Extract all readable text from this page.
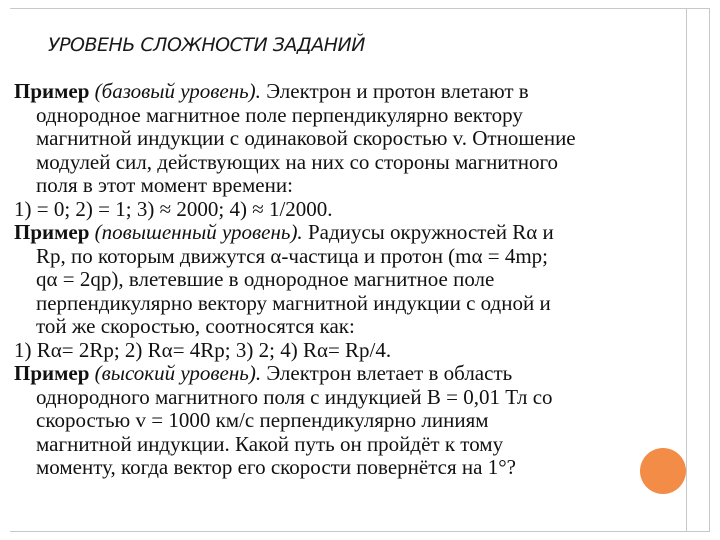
УРОВЕНЬ СЛОЖНОСТИ ЗАДАНИЙ
Пример (базовый уровень). Электрон и протон влетают в
однородное магнитное поле перпендикулярно вектору
магнитной индукции с одинаковой скоростью v. Отношение
модулей сил, действующих на них со стороны магнитного
поля в этот момент времени:
1) = 0; 2) = 1; 3) ≈ 2000; 4) ≈ 1/2000.
Пример (повышенный уровень). Радиусы окружностей Rα и
Rp, по которым движутся α-частица и протон (mα = 4mp;
qα = 2qp), влетевшие в однородное магнитное поле
перпендикулярно вектору магнитной индукции с одной и
той же скоростью, соотносятся как:
1) Rα= 2Rp; 2) Rα= 4Rp; 3) 2; 4) Rα= Rp/4.
Пример (высокий уровень). Электрон влетает в область
однородного магнитного поля с индукцией B = 0,01 Тл со
скоростью v = 1000 км/с перпендикулярно линиям
магнитной индукции. Какой путь он пройдёт к тому
моменту, когда вектор его скорости повернётся на 1°?
